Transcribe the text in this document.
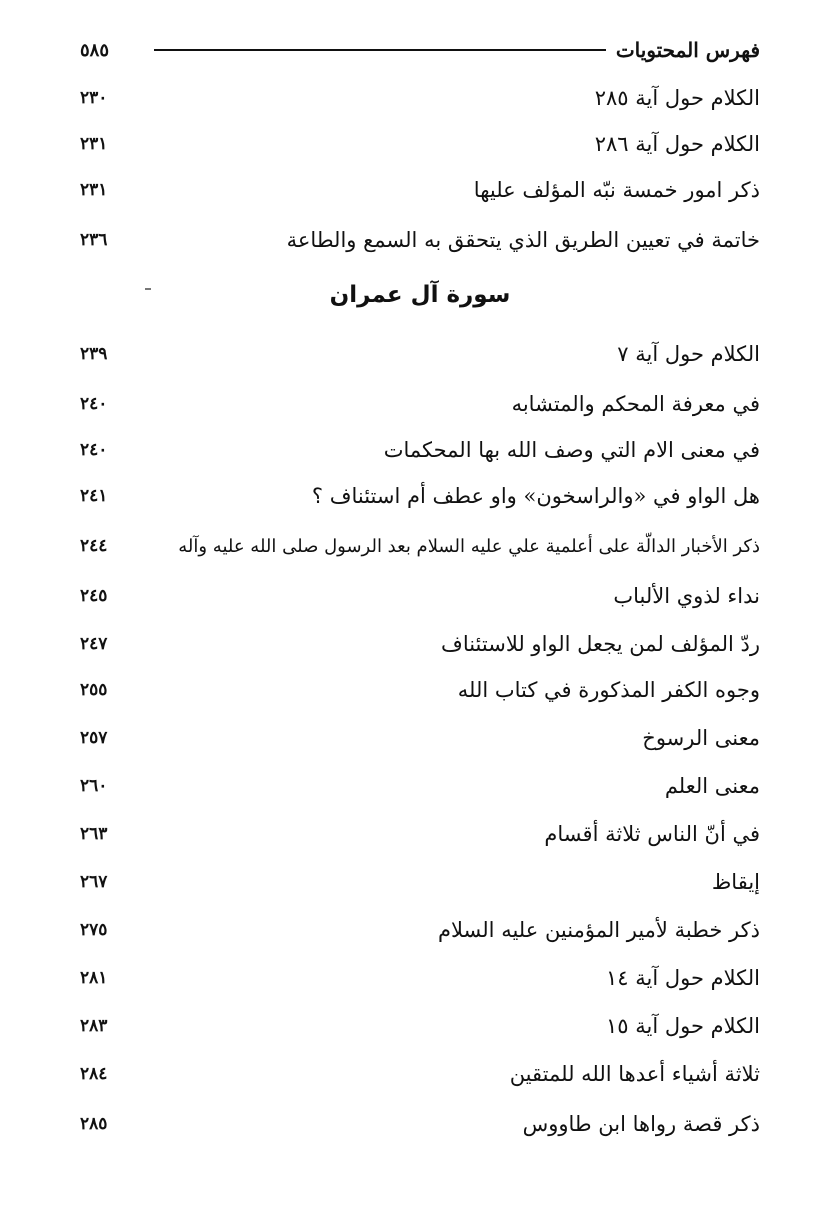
فهرس المحتويات
٥٨٥
الكلام حول آية ٢٨٥
٢٣٠
الكلام حول آية ٢٨٦
٢٣١
ذكر امور خمسة نبّه المؤلف عليها
٢٣١
خاتمة في تعيين الطريق الذي يتحقق به السمع والطاعة
٢٣٦
سورة آل عمران
الكلام حول آية ٧
٢٣٩
في معرفة المحكم والمتشابه
٢٤٠
في معنى الام التي وصف الله بها المحكمات
٢٤٠
هل الواو في «والراسخون» واو عطف أم استئناف ؟
٢٤١
ذكر الأخبار الدالّة على أعلمية علي عليه السلام بعد الرسول صلى الله عليه وآله
٢٤٤
نداء لذوي الألباب
٢٤٥
ردّ المؤلف لمن يجعل الواو للاستئناف
٢٤٧
وجوه الكفر المذكورة في كتاب الله
٢٥٥
معنى الرسوخ
٢٥٧
معنى العلم
٢٦٠
في أنّ الناس ثلاثة أقسام
٢٦٣
إيقاظ
٢٦٧
ذكر خطبة لأمير المؤمنين عليه السلام
٢٧٥
الكلام حول آية ١٤
٢٨١
الكلام حول آية ١٥
٢٨٣
ثلاثة أشياء أعدها الله للمتقين
٢٨٤
ذكر قصة رواها ابن طاووس
٢٨٥
